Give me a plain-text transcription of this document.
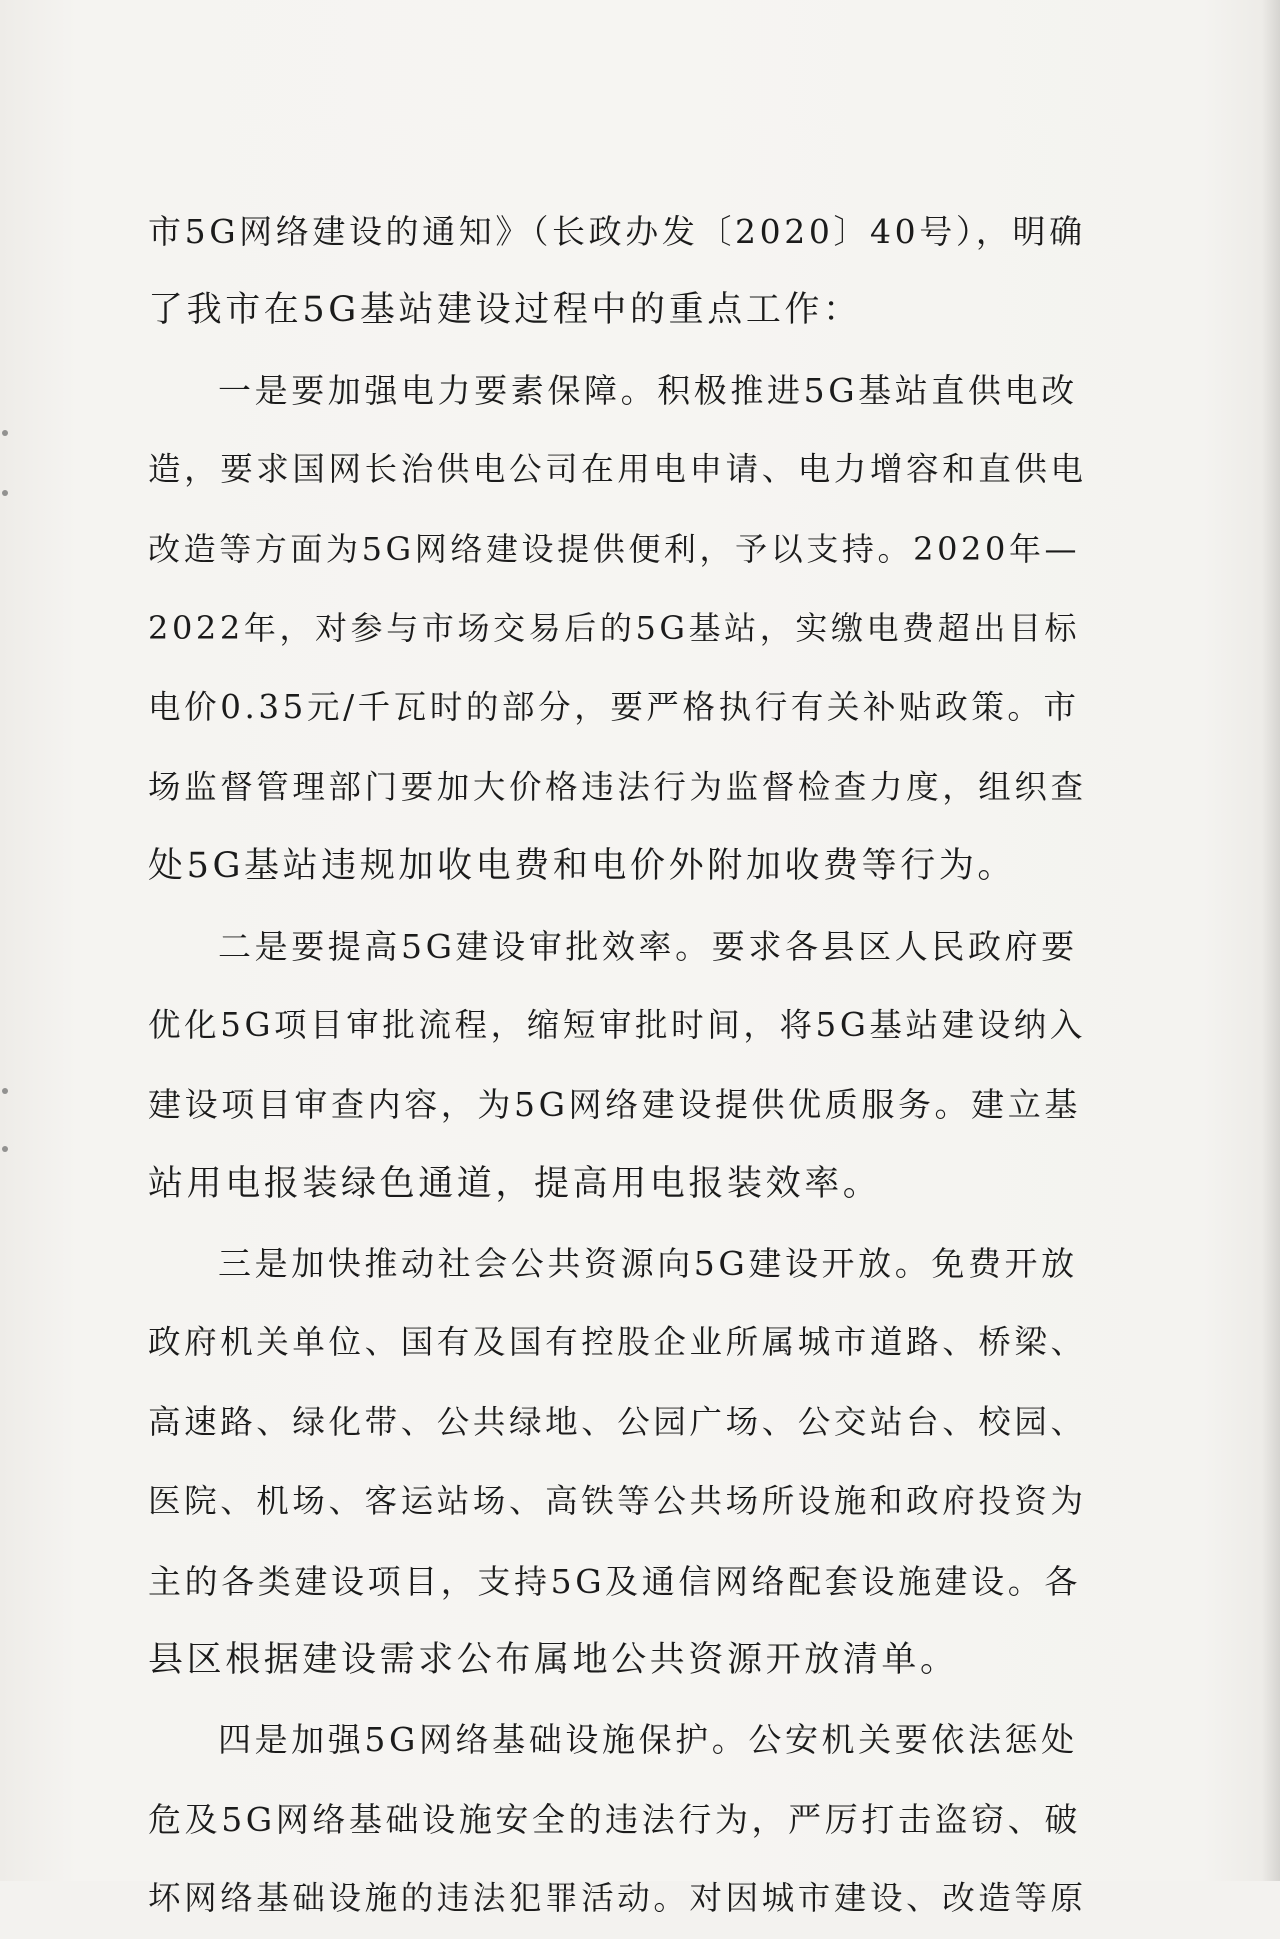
市5G网络建设的通知》（长政办发〔2020〕40号），明确
了我市在5G基站建设过程中的重点工作：
一是要加强电力要素保障。积极推进5G基站直供电改
造，要求国网长治供电公司在用电申请、电力增容和直供电
改造等方面为5G网络建设提供便利，予以支持。2020年—
2022年，对参与市场交易后的5G基站，实缴电费超出目标
电价0.35元/千瓦时的部分，要严格执行有关补贴政策。市
场监督管理部门要加大价格违法行为监督检查力度，组织查
处5G基站违规加收电费和电价外附加收费等行为。
二是要提高5G建设审批效率。要求各县区人民政府要
优化5G项目审批流程，缩短审批时间，将5G基站建设纳入
建设项目审查内容，为5G网络建设提供优质服务。建立基
站用电报装绿色通道，提高用电报装效率。
三是加快推动社会公共资源向5G建设开放。免费开放
政府机关单位、国有及国有控股企业所属城市道路、桥梁、
高速路、绿化带、公共绿地、公园广场、公交站台、校园、
医院、机场、客运站场、高铁等公共场所设施和政府投资为
主的各类建设项目，支持5G及通信网络配套设施建设。各
县区根据建设需求公布属地公共资源开放清单。
四是加强5G网络基础设施保护。公安机关要依法惩处
危及5G网络基础设施安全的违法行为，严厉打击盗窃、破
坏网络基础设施的违法犯罪活动。对因城市建设、改造等原
